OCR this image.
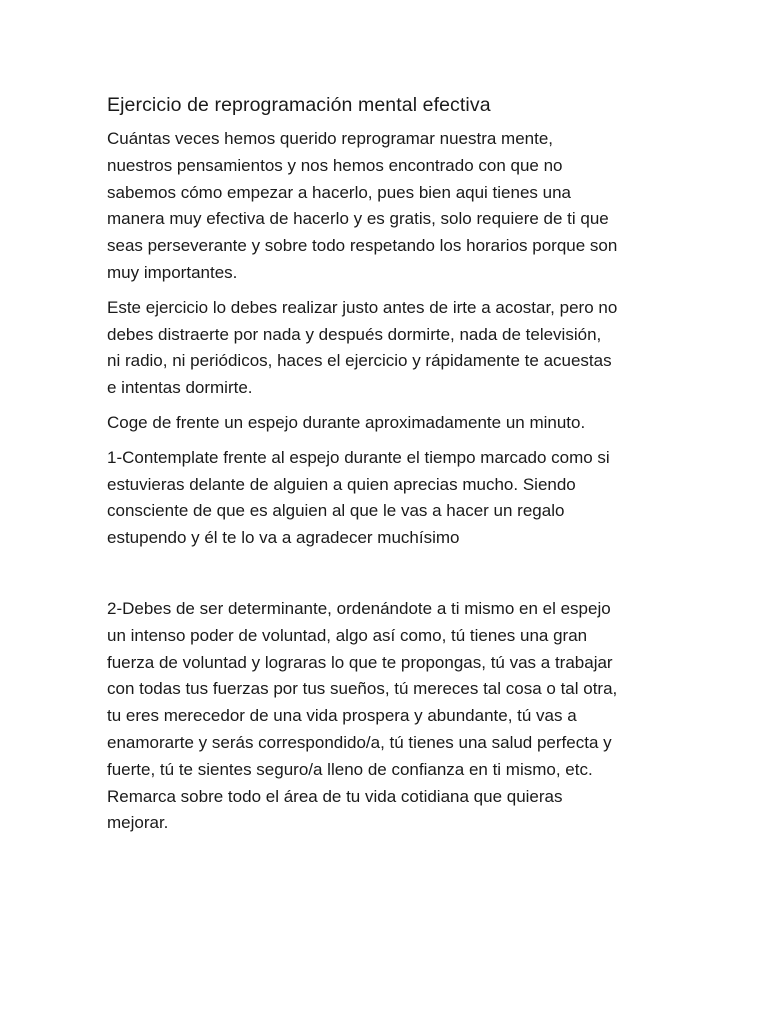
Ejercicio de reprogramación mental efectiva

Cuántas veces hemos querido reprogramar nuestra mente,
nuestros pensamientos y nos hemos encontrado con que no
sabemos cómo empezar a hacerlo, pues bien aqui tienes una
manera muy efectiva de hacerlo y es gratis, solo requiere de ti que
seas perseverante y sobre todo respetando los horarios porque son
muy importantes.

Este ejercicio lo debes realizar justo antes de irte a acostar, pero no
debes distraerte por nada y después dormirte, nada de televisión,
ni radio, ni periódicos, haces el ejercicio y rápidamente te acuestas
e intentas dormirte.

Coge de frente un espejo durante aproximadamente un minuto.

1-Contemplate frente al espejo durante el tiempo marcado como si
estuvieras delante de alguien a quien aprecias mucho. Siendo
consciente de que es alguien al que le vas a hacer un regalo
estupendo y él te lo va a agradecer muchísimo

2-Debes de ser determinante, ordenándote a ti mismo en el espejo
un intenso poder de voluntad, algo así como, tú tienes una gran
fuerza de voluntad y lograras lo que te propongas, tú vas a trabajar
con todas tus fuerzas por tus sueños, tú mereces tal cosa o tal otra,
tu eres merecedor de una vida prospera y abundante, tú vas a
enamorarte y serás correspondido/a, tú tienes una salud perfecta y
fuerte, tú te sientes seguro/a lleno de confianza en ti mismo, etc.
Remarca sobre todo el área de tu vida cotidiana que quieras
mejorar.
